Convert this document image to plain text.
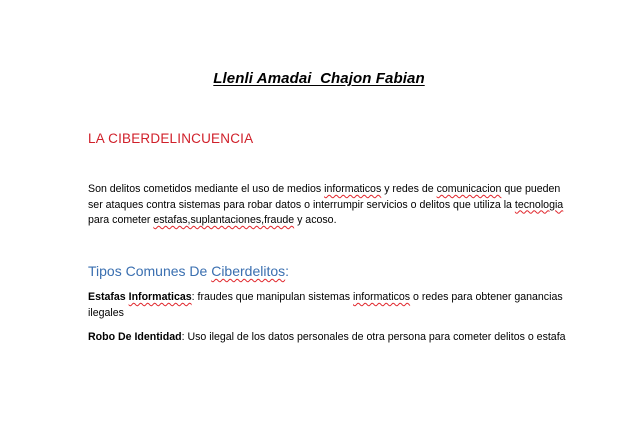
Llenli Amadai  Chajon Fabian
LA CIBERDELINCUENCIA
Son delitos cometidos mediante el uso de medios informaticos y redes de comunicacion que pueden ser ataques contra sistemas para robar datos o interrumpir servicios o delitos que utiliza la tecnologia para cometer estafas,suplantaciones,fraude y acoso.
Tipos Comunes De Ciberdelitos:
Estafas Informaticas: fraudes que manipulan sistemas informaticos o redes para obtener ganancias ilegales
Robo De Identidad: Uso ilegal de los datos personales de otra persona para cometer delitos o estafa
